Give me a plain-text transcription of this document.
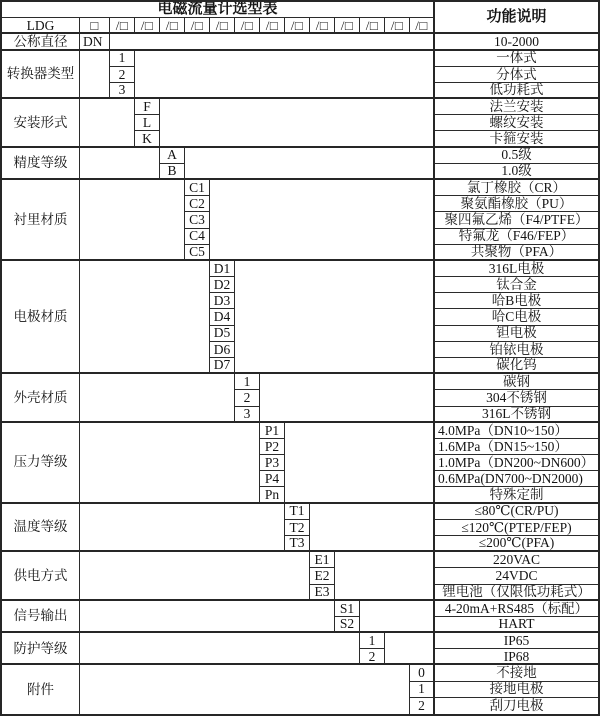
电磁流量计选型表	功能说明
LDG	□	/□ /□ /□ /□ /□ /□ /□ /□ /□ /□ /□ /□ /□
公称直径	DN	10-2000
转换器类型
1	一体式
2	分体式
3	低功耗式
安装形式
F	法兰安装
L	螺纹安装
K	卡箍安装
精度等级
A	0.5级
B	1.0级
衬里材质
C1	氯丁橡胶（CR）
C2	聚氨酯橡胶（PU）
C3	聚四氟乙烯（F4/PTFE）
C4	特氟龙（F46/FEP）
C5	共聚物（PFA）
电极材质
D1	316L电极
D2	钛合金
D3	哈B电极
D4	哈C电极
D5	钽电极
D6	铂铱电极
D7	碳化钨
外壳材质
1	碳钢
2	304不锈钢
3	316L不锈钢
压力等级
P1	4.0MPa（DN10~150）
P2	1.6MPa（DN15~150）
P3	1.0MPa（DN200~DN600）
P4	0.6MPa(DN700~DN2000)
Pn	特殊定制
温度等级
T1	≤80℃(CR/PU)
T2	≤120℃(PTEP/FEP)
T3	≤200℃(PFA)
供电方式
E1	220VAC
E2	24VDC
E3	锂电池（仅限低功耗式）
信号输出
S1	4-20mA+RS485（标配）
S2	HART
防护等级
1	IP65
2	IP68
附件
0	不接地
1	接地电极
2	刮刀电极
